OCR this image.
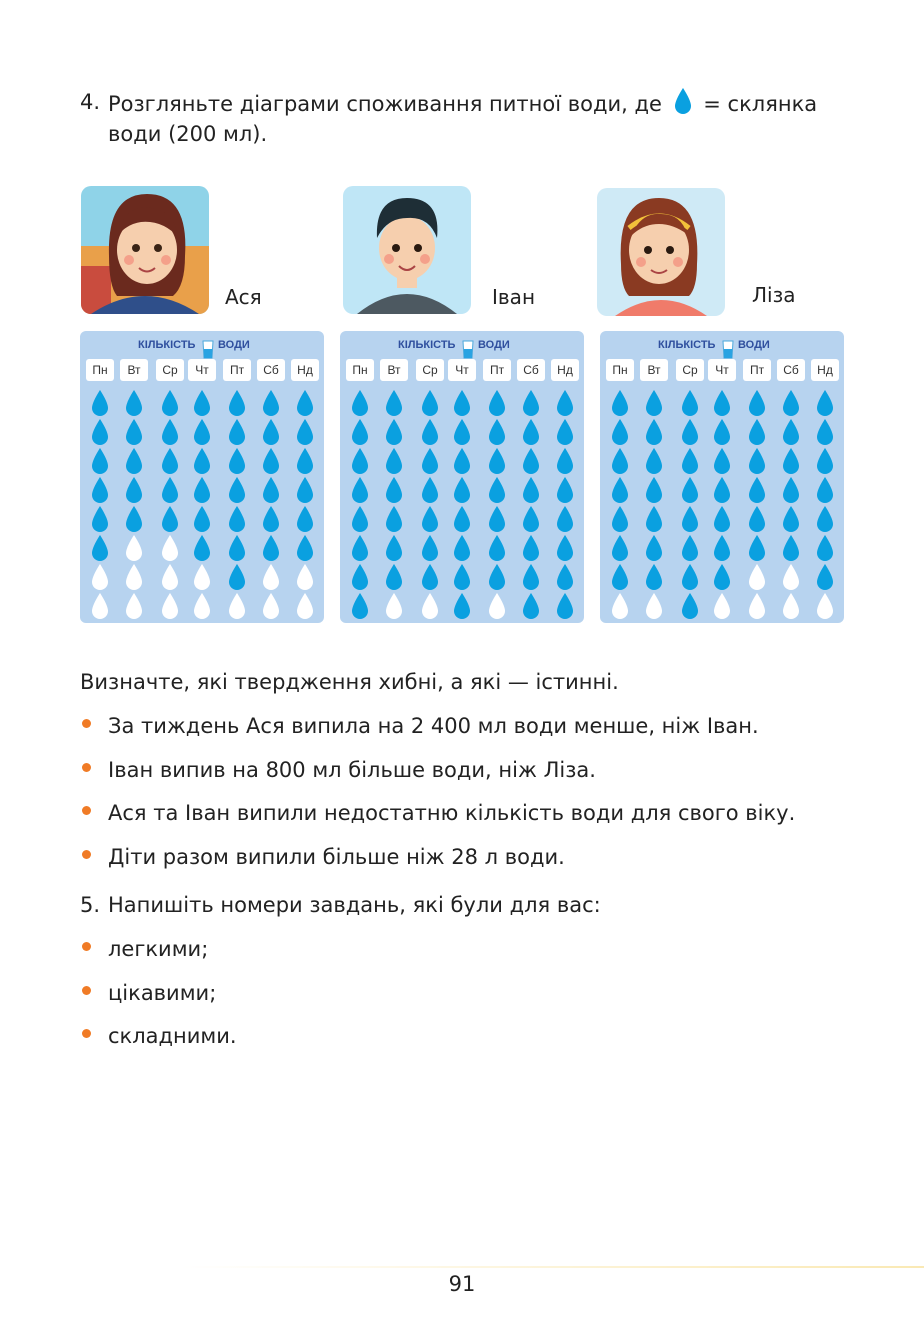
4. Розгляньте діаграми споживання питної води, де = склянка
води (200 мл).
Ася	Іван	Ліза
КІЛЬКІСТЬ ВОДИ
Пн	Вт	Ср	Чт	Пт	Сб	Нд
КІЛЬКІСТЬ ВОДИ
Пн	Вт	Ср	Чт	Пт	Сб	Нд
КІЛЬКІСТЬ ВОДИ
Пн	Вт	Ср	Чт	Пт	Сб	Нд
Визначте, які твердження хибні, а які — істинні.
За тиждень Ася випила на 2 400 мл води менше, ніж Іван.
Іван випив на 800 мл більше води, ніж Ліза.
Ася та Іван випили недостатню кількість води для свого віку.
Діти разом випили більше ніж 28 л води.
5. Напишіть номери завдань, які були для вас:
легкими;
цікавими;
складними.
91
